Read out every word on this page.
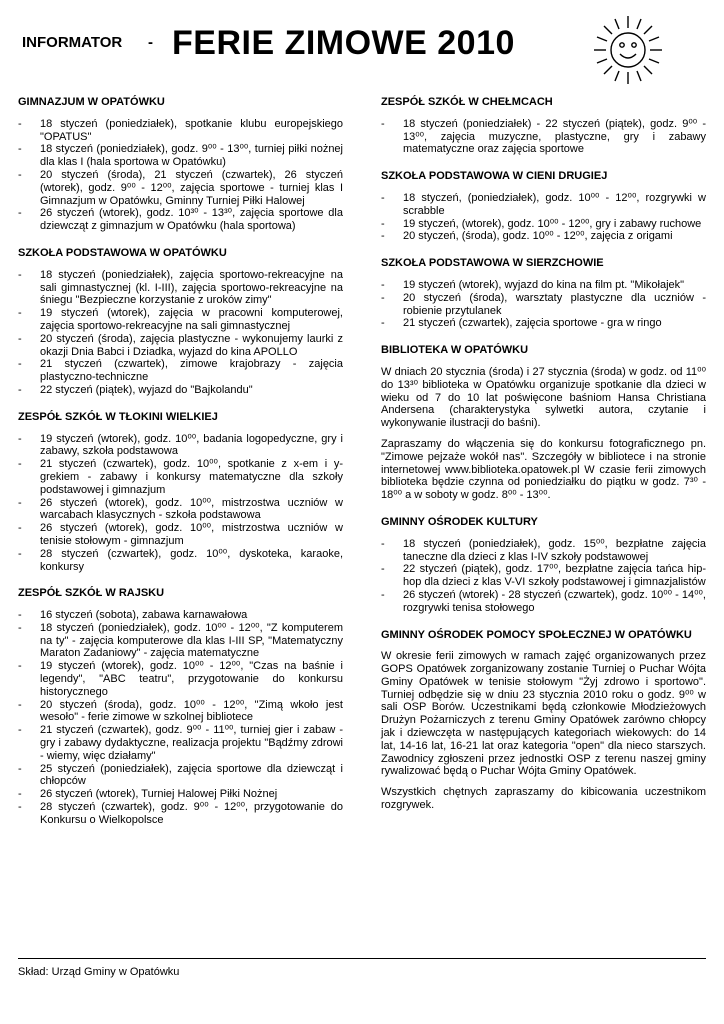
INFORMATOR - FERIE ZIMOWE 2010
GIMNAZJUM W OPATÓWKU
- 18 styczeń (poniedziałek), spotkanie klubu europejskiego "OPATUS"
- 18 styczeń (poniedziałek), godz. 9⁰⁰ - 13⁰⁰, turniej piłki nożnej dla klas I (hala sportowa w Opatówku)
- 20 styczeń (środa), 21 styczeń (czwartek), 26 styczeń (wtorek), godz. 9⁰⁰ - 12⁰⁰, zajęcia sportowe - turniej klas I Gimnazjum w Opatówku, Gminny Turniej Piłki Halowej
- 26 styczeń (wtorek), godz. 10³⁰ - 13³⁰, zajęcia sportowe dla dziewcząt z gimnazjum w Opatówku (hala sportowa)
SZKOŁA PODSTAWOWA W OPATÓWKU
- 18 styczeń (poniedziałek), zajęcia sportowo-rekreacyjne na sali gimnastycznej (kl. I-III), zajęcia sportowo-rekreacyjne na śniegu "Bezpieczne korzystanie z uroków zimy"
- 19 styczeń (wtorek), zajęcia w pracowni komputerowej, zajęcia sportowo-rekreacyjne na sali gimnastycznej
- 20 styczeń (środa), zajęcia plastyczne - wykonujemy laurki z okazji Dnia Babci i Dziadka, wyjazd do kina APOLLO
- 21 styczeń (czwartek), zimowe krajobrazy - zajęcia plastyczno-techniczne
- 22 styczeń (piątek), wyjazd do "Bajkolandu"
ZESPÓŁ SZKÓŁ W TŁOKINI WIELKIEJ
- 19 styczeń (wtorek), godz. 10⁰⁰, badania logopedyczne, gry i zabawy, szkoła podstawowa
- 21 styczeń (czwartek), godz. 10⁰⁰, spotkanie z x-em i y-grekiem - zabawy i konkursy matematyczne dla szkoły podstawowej i gimnazjum
- 26 styczeń (wtorek), godz. 10⁰⁰, mistrzostwa uczniów w warcabach klasycznych - szkoła podstawowa
- 26 styczeń (wtorek), godz. 10⁰⁰, mistrzostwa uczniów w tenisie stołowym - gimnazjum
- 28 styczeń (czwartek), godz. 10⁰⁰, dyskoteka, karaoke, konkursy
ZESPÓŁ SZKÓŁ W RAJSKU
- 16 styczeń (sobota), zabawa karnawałowa
- 18 styczeń (poniedziałek), godz. 10⁰⁰ - 12⁰⁰, "Z komputerem na ty" - zajęcia komputerowe dla klas I-III SP, "Matematyczny Maraton Zadaniowy" - zajęcia matematyczne
- 19 styczeń (wtorek), godz. 10⁰⁰ - 12⁰⁰, "Czas na baśnie i legendy", "ABC teatru", przygotowanie do konkursu historycznego
- 20 styczeń (środa), godz. 10⁰⁰ - 12⁰⁰, "Zimą wkoło jest wesoło" - ferie zimowe w szkolnej bibliotece
- 21 styczeń (czwartek), godz. 9⁰⁰ - 11⁰⁰, turniej gier i zabaw - gry i zabawy dydaktyczne, realizacja projektu "Bądźmy zdrowi - wiemy, więc działamy"
- 25 styczeń (poniedziałek), zajęcia sportowe dla dziewcząt i chłopców
- 26 styczeń (wtorek), Turniej Halowej Piłki Nożnej
- 28 styczeń (czwartek), godz. 9⁰⁰ - 12⁰⁰, przygotowanie do Konkursu o Wielkopolsce
ZESPÓŁ SZKÓŁ W CHEŁMCACH
- 18 styczeń (poniedziałek) - 22 styczeń (piątek), godz. 9⁰⁰ - 13⁰⁰, zajęcia muzyczne, plastyczne, gry i zabawy matematyczne oraz zajęcia sportowe
SZKOŁA PODSTAWOWA W CIENI DRUGIEJ
- 18 styczeń, (poniedziałek), godz. 10⁰⁰ - 12⁰⁰, rozgrywki w scrabble
- 19 styczeń, (wtorek), godz. 10⁰⁰ - 12⁰⁰, gry i zabawy ruchowe
- 20 styczeń, (środa), godz. 10⁰⁰ - 12⁰⁰, zajęcia z origami
SZKOŁA PODSTAWOWA W SIERZCHOWIE
- 19 styczeń (wtorek), wyjazd do kina na film pt. "Mikołajek"
- 20 styczeń (środa), warsztaty plastyczne dla uczniów - robienie przytulanek
- 21 styczeń (czwartek), zajęcia sportowe - gra w ringo
BIBLIOTEKA W OPATÓWKU

W dniach 20 stycznia (środa) i 27 stycznia (środa) w godz. od 11⁰⁰ do 13³⁰ biblioteka w Opatówku organizuje spotkanie dla dzieci w wieku od 7 do 10 lat poświęcone baśniom Hansa Christiana Andersena (charakterystyka sylwetki autora, czytanie i wykonywanie ilustracji do baśni).

Zapraszamy do włączenia się do konkursu fotograficznego pn. "Zimowe pejzaże wokół nas". Szczegóły w bibliotece i na stronie internetowej www.biblioteka.opatowek.pl W czasie ferii zimowych biblioteka będzie czynna od poniedziałku do piątku w godz. 7³⁰ - 18⁰⁰ a w soboty w godz. 8⁰⁰ - 13⁰⁰.

GMINNY OŚRODEK KULTURY
- 18 styczeń (poniedziałek), godz. 15⁰⁰, bezpłatne zajęcia taneczne dla dzieci z klas I-IV szkoły podstawowej
- 22 styczeń (piątek), godz. 17⁰⁰, bezpłatne zajęcia tańca hip-hop dla dzieci z klas V-VI szkoły podstawowej i gimnazjalistów
- 26 styczeń (wtorek) - 28 styczeń (czwartek), godz. 10⁰⁰ - 14⁰⁰, rozgrywki tenisa stołowego
GMINNY OŚRODEK POMOCY SPOŁECZNEJ W OPATÓWKU

W okresie ferii zimowych w ramach zajęć organizowanych przez GOPS Opatówek zorganizowany zostanie Turniej o Puchar Wójta Gminy Opatówek w tenisie stołowym "Żyj zdrowo i sportowo". Turniej odbędzie się w dniu 23 stycznia 2010 roku o godz. 9⁰⁰ w sali OSP Borów. Uczestnikami będą członkowie Młodzieżowych Drużyn Pożarniczych z terenu Gminy Opatówek zarówno chłopcy jak i dziewczęta w następujących kategoriach wiekowych: do 14 lat, 14-16 lat, 16-21 lat oraz kategoria "open" dla nieco starszych. Zawodnicy zgłoszeni przez jednostki OSP z terenu naszej gminy rywalizować będą o Puchar Wójta Gminy Opatówek.

Wszystkich chętnych zapraszamy do kibicowania uczestnikom rozgrywek.

Skład: Urząd Gminy w Opatówku
